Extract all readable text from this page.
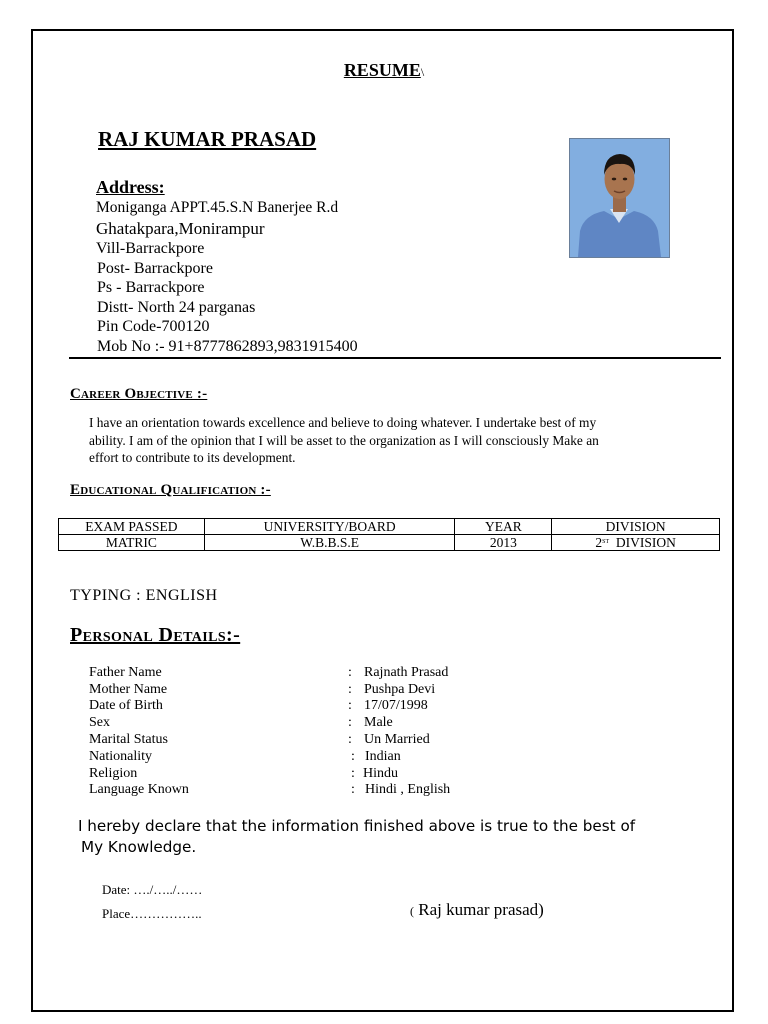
RESUME\
RAJ KUMAR PRASAD
Address:
Moniganga APPT.45.S.N Banerjee R.d
Ghatakpara,Monirampur
Vill-Barrackpore
Post- Barrackpore
Ps - Barrackpore
Distt- North 24 parganas
Pin Code-700120
Mob No :- 91+8777862893,9831915400
Career Objective :-
I have an orientation towards excellence and believe to doing whatever. I undertake best of my
ability. I am of the opinion that I will be asset to the organization as I will consciously Make an
effort to contribute to its development.
Educational Qualification :-
EXAM PASSED	UNIVERSITY/BOARD	YEAR	DIVISION
MATRIC	W.B.B.S.E	2013	2ST DIVISION
TYPING : ENGLISH
Personal Details:-
Father Name	: Rajnath Prasad
Mother Name	: Pushpa Devi
Date of Birth	: 17/07/1998
Sex	: Male
Marital Status	: Un Married
Nationality	: Indian
Religion	: Hindu
Language Known	: Hindi , English
I hereby declare that the information finished above is true to the best of
My Knowledge.
Date: …./…../……
Place……………..	( Raj kumar prasad)
